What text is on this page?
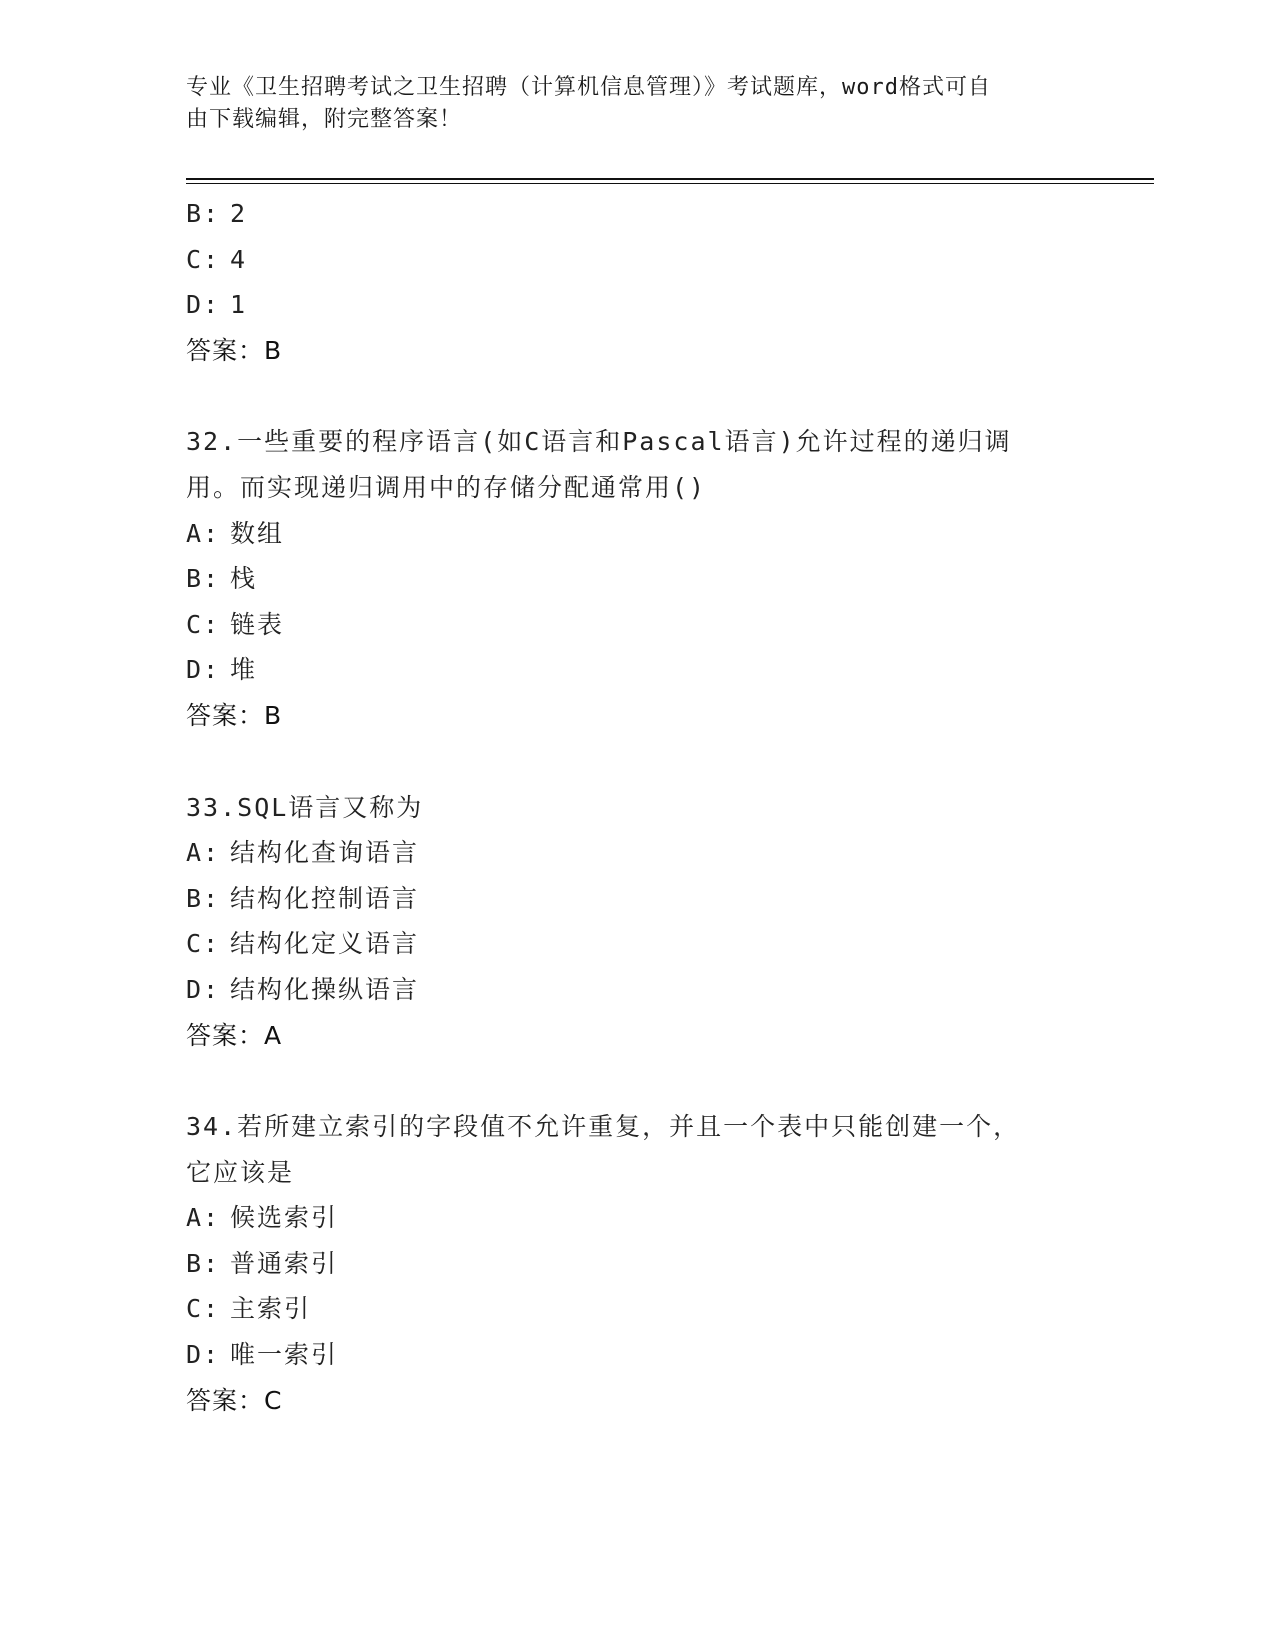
专业《卫生招聘考试之卫生招聘（计算机信息管理）》考试题库，word格式可自
由下载编辑，附完整答案！
B: 2
C: 4
D: 1
答案：B
32.一些重要的程序语言(如C语言和Pascal语言)允许过程的递归调
用。而实现递归调用中的存储分配通常用()
A: 数组
B: 栈
C: 链表
D: 堆
答案：B
33.SQL语言又称为
A: 结构化查询语言
B: 结构化控制语言
C: 结构化定义语言
D: 结构化操纵语言
答案：A
34.若所建立索引的字段值不允许重复，并且一个表中只能创建一个，
它应该是
A: 候选索引
B: 普通索引
C: 主索引
D: 唯一索引
答案：C
